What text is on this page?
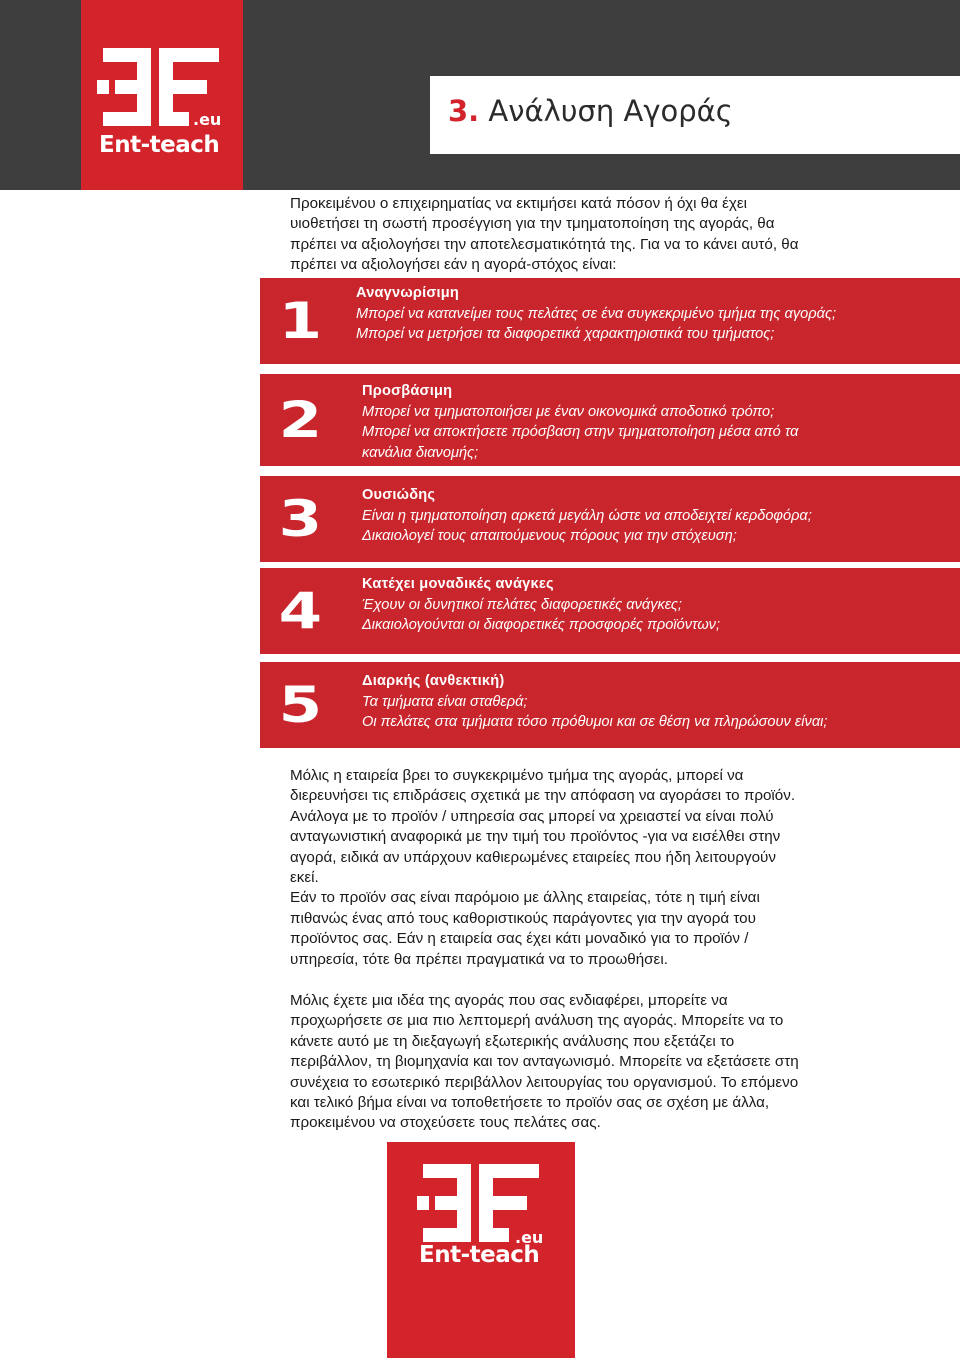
.eu
Ent-teach
3. Ανάλυση Αγοράς
Προκειμένου ο επιχειρηματίας να εκτιμήσει κατά πόσον ή όχι θα έχει
υιοθετήσει τη σωστή προσέγγιση για την τμηματοποίηση της αγοράς, θα
πρέπει να αξιολογήσει την αποτελεσματικότητά της. Για να το κάνει αυτό, θα
πρέπει να αξιολογήσει εάν η αγορά-στόχος είναι:
1 Αναγνωρίσιμη
Μπορεί να κατανείμει τους πελάτες σε ένα συγκεκριμένο τμήμα της αγοράς;
Μπορεί να μετρήσει τα διαφορετικά χαρακτηριστικά του τμήματος;
2	Προσβάσιμη
Μπορεί να τμηματοποιήσει με έναν οικονομικά αποδοτικό τρόπο;
Μπορεί να αποκτήσετε πρόσβαση στην τμηματοποίηση μέσα από τα
κανάλια διανομής;
3	Ουσιώδης
Είναι η τμηματοποίηση αρκετά μεγάλη ώστε να αποδειχτεί κερδοφόρα;
Δικαιολογεί τους απαιτούμενους πόρους για την στόχευση;
4	Κατέχει μοναδικές ανάγκες
Έχουν οι δυνητικοί πελάτες διαφορετικές ανάγκες;
Δικαιολογούνται οι διαφορετικές προσφορές προϊόντων;
5	Διαρκής (ανθεκτική)
Τα τμήματα είναι σταθερά;
Οι πελάτες στα τμήματα τόσο πρόθυμοι και σε θέση να πληρώσουν είναι;
Μόλις η εταιρεία βρει το συγκεκριμένο τμήμα της αγοράς, μπορεί να
διερευνήσει τις επιδράσεις σχετικά με την απόφαση να αγοράσει το προϊόν.
Ανάλογα με το προϊόν / υπηρεσία σας μπορεί να χρειαστεί να είναι πολύ
ανταγωνιστική αναφορικά με την τιμή του προϊόντος -για να εισέλθει στην
αγορά, ειδικά αν υπάρχουν καθιερωμένες εταιρείες που ήδη λειτουργούν
εκεί.
Εάν το προϊόν σας είναι παρόμοιο με άλλης εταιρείας, τότε η τιμή είναι
πιθανώς ένας από τους καθοριστικούς παράγοντες για την αγορά του
προϊόντος σας. Εάν η εταιρεία σας έχει κάτι μοναδικό για το προϊόν /
υπηρεσία, τότε θα πρέπει πραγματικά να το προωθήσει.
Μόλις έχετε μια ιδέα της αγοράς που σας ενδιαφέρει, μπορείτε να
προχωρήσετε σε μια πιο λεπτομερή ανάλυση της αγοράς. Μπορείτε να το
κάνετε αυτό με τη διεξαγωγή εξωτερικής ανάλυσης που εξετάζει το
περιβάλλον, τη βιομηχανία και τον ανταγωνισμό. Μπορείτε να εξετάσετε στη
συνέχεια το εσωτερικό περιβάλλον λειτουργίας του οργανισμού. Το επόμενο
και τελικό βήμα είναι να τοποθετήσετε το προϊόν σας σε σχέση με άλλα,
προκειμένου να στοχεύσετε τους πελάτες σας.
.eu
Ent-teach
